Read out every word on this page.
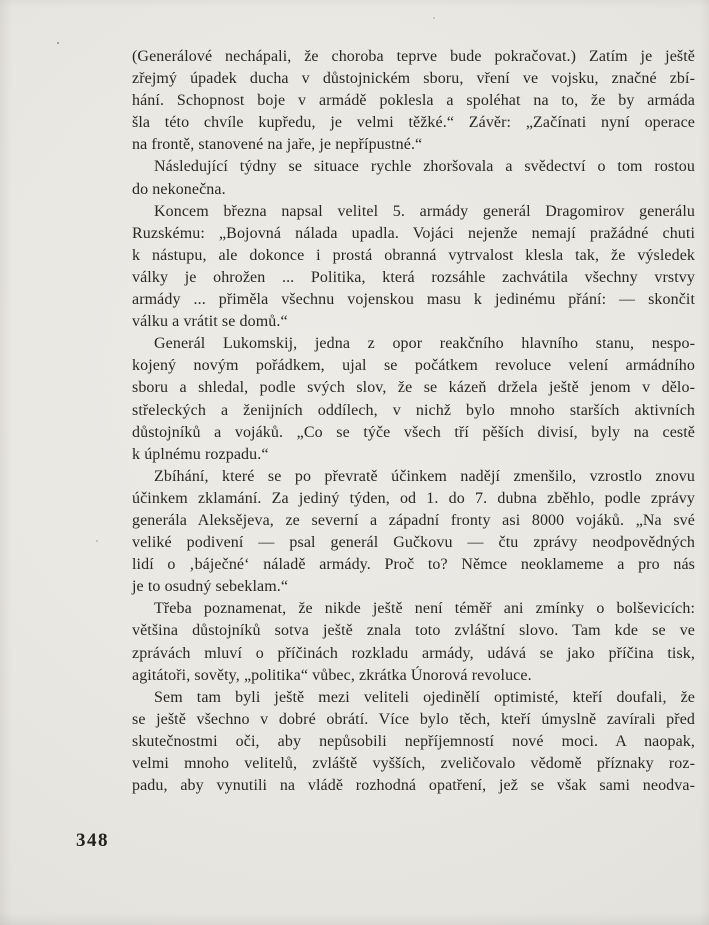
(Generálové nechápali, že choroba teprve bude pokračovat.) Zatím je ještě
zřejmý úpadek ducha v důstojnickém sboru, vření ve vojsku, značné zbí-
hání. Schopnost boje v armádě poklesla a spoléhat na to, že by armáda
šla této chvíle kupředu, je velmi těžké.“ Závěr: „Začínati nyní operace
na frontě, stanovené na jaře, je nepřípustné.“
Následující týdny se situace rychle zhoršovala a svědectví o tom rostou
do nekonečna.
Koncem března napsal velitel 5. armády generál Dragomirov generálu
Ruzskému: „Bojovná nálada upadla. Vojáci nejenže nemají pražádné chuti
k nástupu, ale dokonce i prostá obranná vytrvalost klesla tak, že výsledek
války je ohrožen ... Politika, která rozsáhle zachvátila všechny vrstvy
armády ... přiměla všechnu vojenskou masu k jedinému přání: — skončit
válku a vrátit se domů.“
Generál Lukomskij, jedna z opor reakčního hlavního stanu, nespo-
kojený novým pořádkem, ujal se počátkem revoluce velení armádního
sboru a shledal, podle svých slov, že se kázeň držela ještě jenom v dělo-
střeleckých a ženijních oddílech, v nichž bylo mnoho starších aktivních
důstojníků a vojáků. „Co se týče všech tří pěších divisí, byly na cestě
k úplnému rozpadu.“
Zbíhání, které se po převratě účinkem nadějí zmenšilo, vzrostlo znovu
účinkem zklamání. Za jediný týden, od 1. do 7. dubna zběhlo, podle zprávy
generála Aleksějeva, ze severní a západní fronty asi 8000 vojáků. „Na své
veliké podivení — psal generál Gučkovu — čtu zprávy neodpovědných
lidí o ‚báječné‘ náladě armády. Proč to? Němce neoklameme a pro nás
je to osudný sebeklam.“
Třeba poznamenat, že nikde ještě není téměř ani zmínky o bolševicích:
většina důstojníků sotva ještě znala toto zvláštní slovo. Tam kde se ve
zprávách mluví o příčinách rozkladu armády, udává se jako příčina tisk,
agitátoři, sověty, „politika“ vůbec, zkrátka Únorová revoluce.
Sem tam byli ještě mezi veliteli ojedinělí optimisté, kteří doufali, že
se ještě všechno v dobré obrátí. Více bylo těch, kteří úmyslně zavírali před
skutečnostmi oči, aby nepůsobili nepříjemností nové moci. A naopak,
velmi mnoho velitelů, zvláště vyšších, zveličovalo vědomě příznaky roz-
padu, aby vynutili na vládě rozhodná opatření, jež se však sami neodva-
348
